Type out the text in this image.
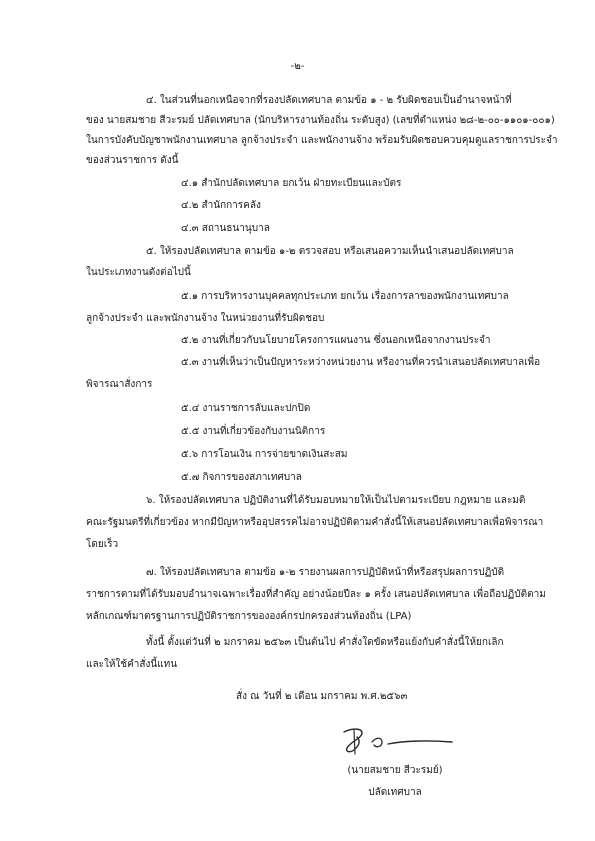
-๒-
๔. ในส่วนที่นอกเหนือจากที่รองปลัดเทศบาล ตามข้อ ๑ - ๒ รับผิดชอบเป็นอำนาจหน้าที่
ของ นายสมชาย สีวะรมย์ ปลัดเทศบาล (นักบริหารงานท้องถิ่น ระดับสูง) (เลขที่ตำแหน่ง ๒๘-๒-๐๐-๑๑๐๑-๐๐๑)
ในการบังคับบัญชาพนักงานเทศบาล ลูกจ้างประจำ และพนักงานจ้าง พร้อมรับผิดชอบควบคุมดูแลราชการประจำ
ของส่วนราชการ ดังนี้
๔.๑ สำนักปลัดเทศบาล ยกเว้น ฝ่ายทะเบียนและบัตร
๔.๒ สำนักการคลัง
๔.๓ สถานธนานุบาล
๕. ให้รองปลัดเทศบาล ตามข้อ ๑-๒ ตรวจสอบ หรือเสนอความเห็นนำเสนอปลัดเทศบาล
ในประเภทงานดังต่อไปนี้
๕.๑ การบริหารงานบุคคลทุกประเภท ยกเว้น เรื่องการลาของพนักงานเทศบาล
ลูกจ้างประจำ และพนักงานจ้าง ในหน่วยงานที่รับผิดชอบ
๕.๒ งานที่เกี่ยวกับนโยบายโครงการแผนงาน ซึ่งนอกเหนือจากงานประจำ
๕.๓ งานที่เห็นว่าเป็นปัญหาระหว่างหน่วยงาน หรืองานที่ควรนำเสนอปลัดเทศบาลเพื่อ
พิจารณาสั่งการ
๕.๔ งานราชการลับและปกปิด
๕.๕ งานที่เกี่ยวข้องกับงานนิติการ
๕.๖ การโอนเงิน การจ่ายขาดเงินสะสม
๕.๗ กิจการของสภาเทศบาล
๖. ให้รองปลัดเทศบาล ปฏิบัติงานที่ได้รับมอบหมายให้เป็นไปตามระเบียบ กฎหมาย และมติ
คณะรัฐมนตรีที่เกี่ยวข้อง หากมีปัญหาหรืออุปสรรคไม่อาจปฏิบัติตามคำสั่งนี้ให้เสนอปลัดเทศบาลเพื่อพิจารณา
โดยเร็ว
๗. ให้รองปลัดเทศบาล ตามข้อ ๑-๒ รายงานผลการปฏิบัติหน้าที่หรือสรุปผลการปฏิบัติ
ราชการตามที่ได้รับมอบอำนาจเฉพาะเรื่องที่สำคัญ อย่างน้อยปีละ ๑ ครั้ง เสนอปลัดเทศบาล เพื่อถือปฏิบัติตาม
หลักเกณฑ์มาตรฐานการปฏิบัติราชการขององค์กรปกครองส่วนท้องถิ่น (LPA)
ทั้งนี้ ตั้งแต่วันที่ ๒ มกราคม ๒๕๖๓ เป็นต้นไป คำสั่งใดขัดหรือแย้งกับคำสั่งนี้ให้ยกเลิก
และให้ใช้คำสั่งนี้แทน
สั่ง ณ วันที่ ๒ เดือน มกราคม พ.ศ.๒๕๖๓
(นายสมชาย สีวะรมย์)
ปลัดเทศบาล
